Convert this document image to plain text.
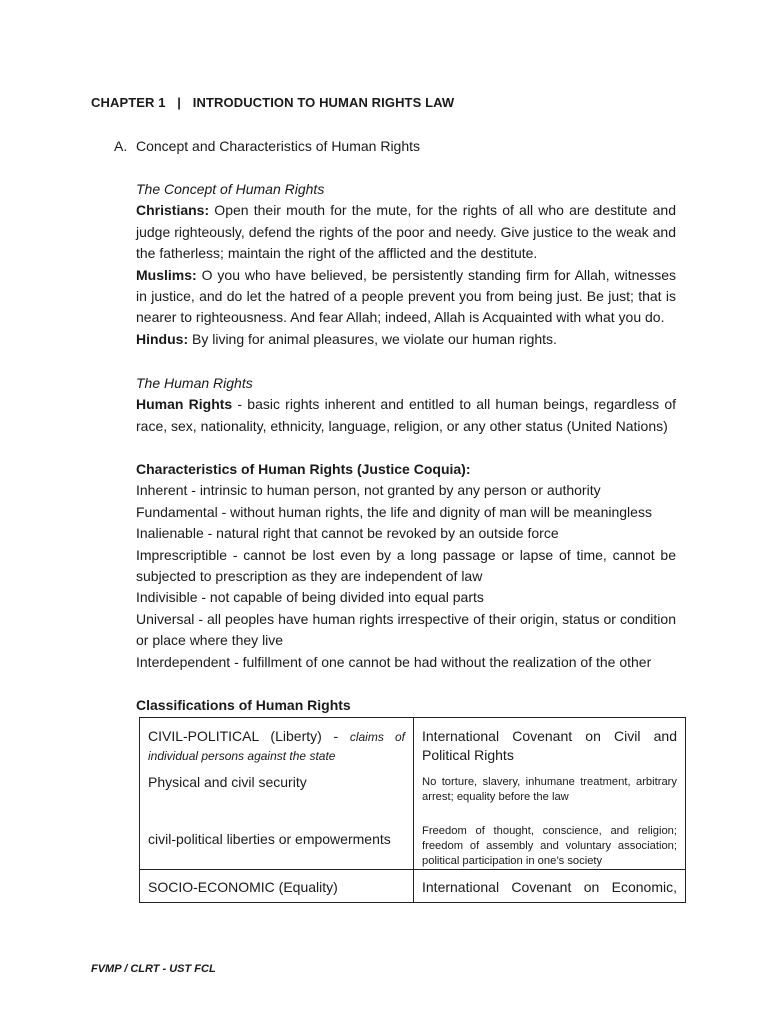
CHAPTER 1 | INTRODUCTION TO HUMAN RIGHTS LAW
A. Concept and Characteristics of Human Rights

The Concept of Human Rights

Christians: Open their mouth for the mute, for the rights of all who are destitute and judge righteously, defend the rights of the poor and needy. Give justice to the weak and the fatherless; maintain the right of the afflicted and the destitute.

Muslims: O you who have believed, be persistently standing firm for Allah, witnesses in justice, and do let the hatred of a people prevent you from being just. Be just; that is nearer to righteousness. And fear Allah; indeed, Allah is Acquainted with what you do.

Hindus: By living for animal pleasures, we violate our human rights.

The Human Rights

Human Rights - basic rights inherent and entitled to all human beings, regardless of race, sex, nationality, ethnicity, language, religion, or any other status (United Nations)

Characteristics of Human Rights (Justice Coquia):

Inherent - intrinsic to human person, not granted by any person or authority

Fundamental - without human rights, the life and dignity of man will be meaningless

Inalienable - natural right that cannot be revoked by an outside force

Imprescriptible - cannot be lost even by a long passage or lapse of time, cannot be subjected to prescription as they are independent of law

Indivisible - not capable of being divided into equal parts

Universal - all peoples have human rights irrespective of their origin, status or condition or place where they live

Interdependent - fulfillment of one cannot be had without the realization of the other

Classifications of Human Rights
CIVIL-POLITICAL (Liberty) - claims of individual persons against the state	International Covenant on Civil and Political Rights

Physical and civil security	No torture, slavery, inhumane treatment, arbitrary arrest; equality before the law

civil-political liberties or empowerments	Freedom of thought, conscience, and religion; freedom of assembly and voluntary association; political participation in one’s society

SOCIO-ECONOMIC (Equality)	International Covenant on Economic,
FVMP / CLRT - UST FCL
